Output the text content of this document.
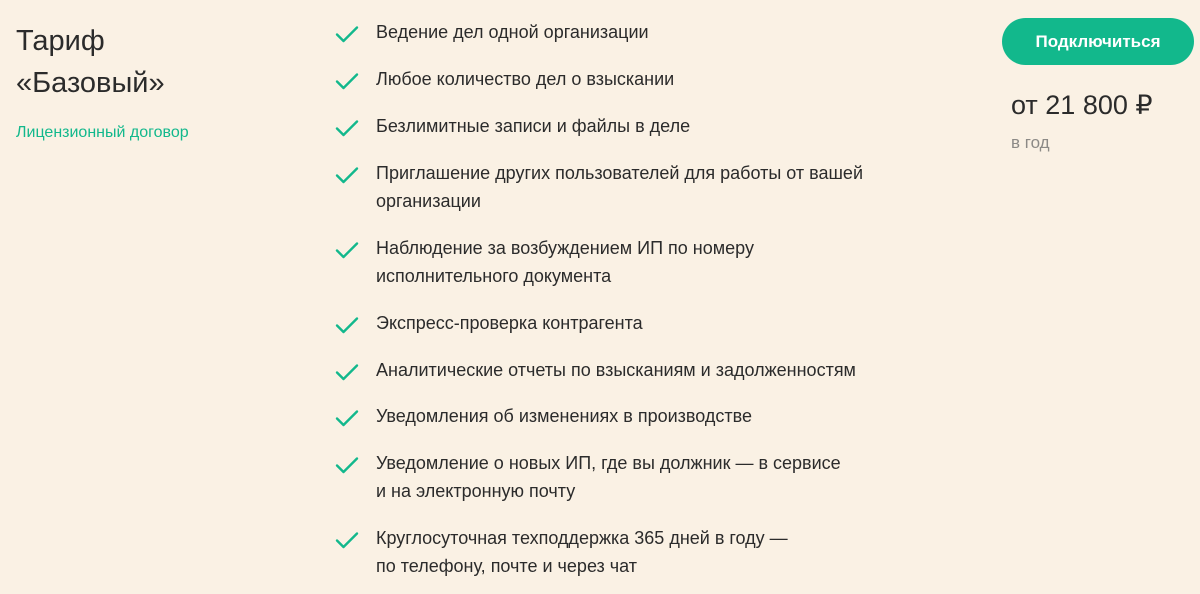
Тариф
«Базовый»
Лицензионный договор
Ведение дел одной организации
Любое количество дел о взыскании
Безлимитные записи и файлы в деле
Приглашение других пользователей для работы от вашей
организации
Наблюдение за возбуждением ИП по номеру
исполнительного документа
Экспресс-проверка контрагента
Аналитические отчеты по взысканиям и задолженностям
Уведомления об изменениях в производстве
Уведомление о новых ИП, где вы должник — в сервисе
и на электронную почту
Круглосуточная техподдержка 365 дней в году —
по телефону, почте и через чат
Подключиться
от 21 800 ₽
в год
